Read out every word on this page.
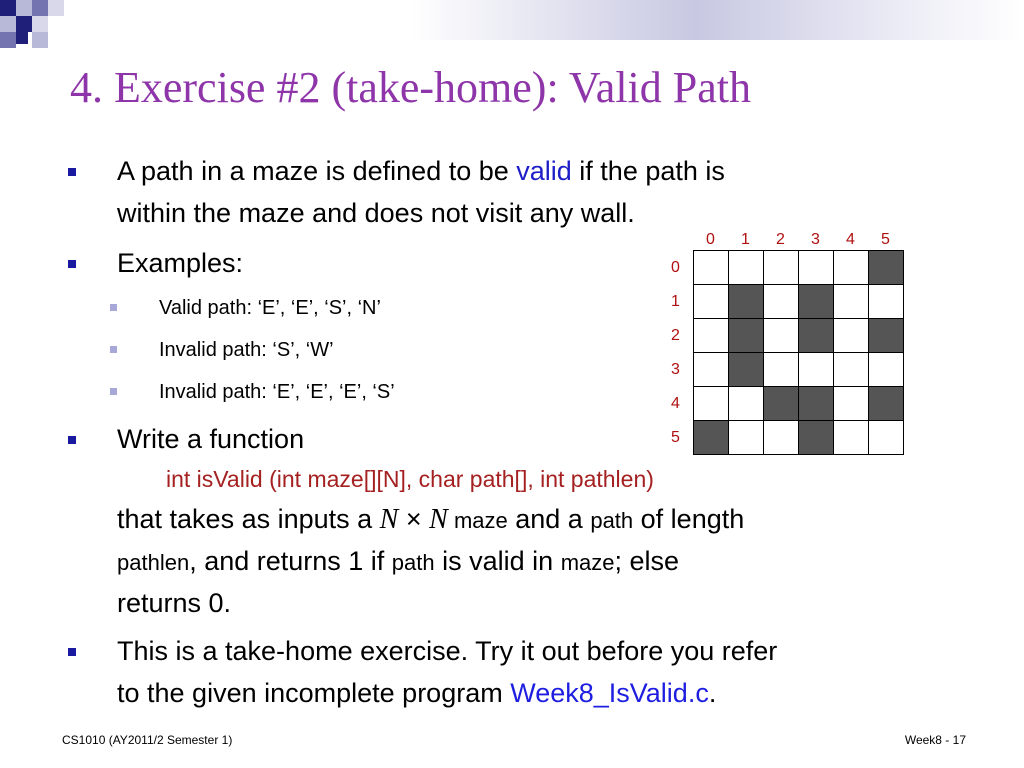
4. Exercise #2 (take-home): Valid Path
A path in a maze is defined to be valid if the path is
within the maze and does not visit any wall.
Examples:
Valid path: ‘E’, ‘E’, ‘S’, ‘N’
Invalid path: ‘S’, ‘W’
Invalid path: ‘E’, ‘E’, ‘E’, ‘S’
Write a function
int isValid (int maze[][N], char path[], int pathlen)
that takes as inputs a N × N maze and a path of length
pathlen, and returns 1 if path is valid in maze; else
returns 0.
This is a take-home exercise. Try it out before you refer
to the given incomplete program Week8_IsValid.c.
0 1 2 3 4 5
0
1
2
3
4
5
CS1010 (AY2011/2 Semester 1)	Week8 - 17
